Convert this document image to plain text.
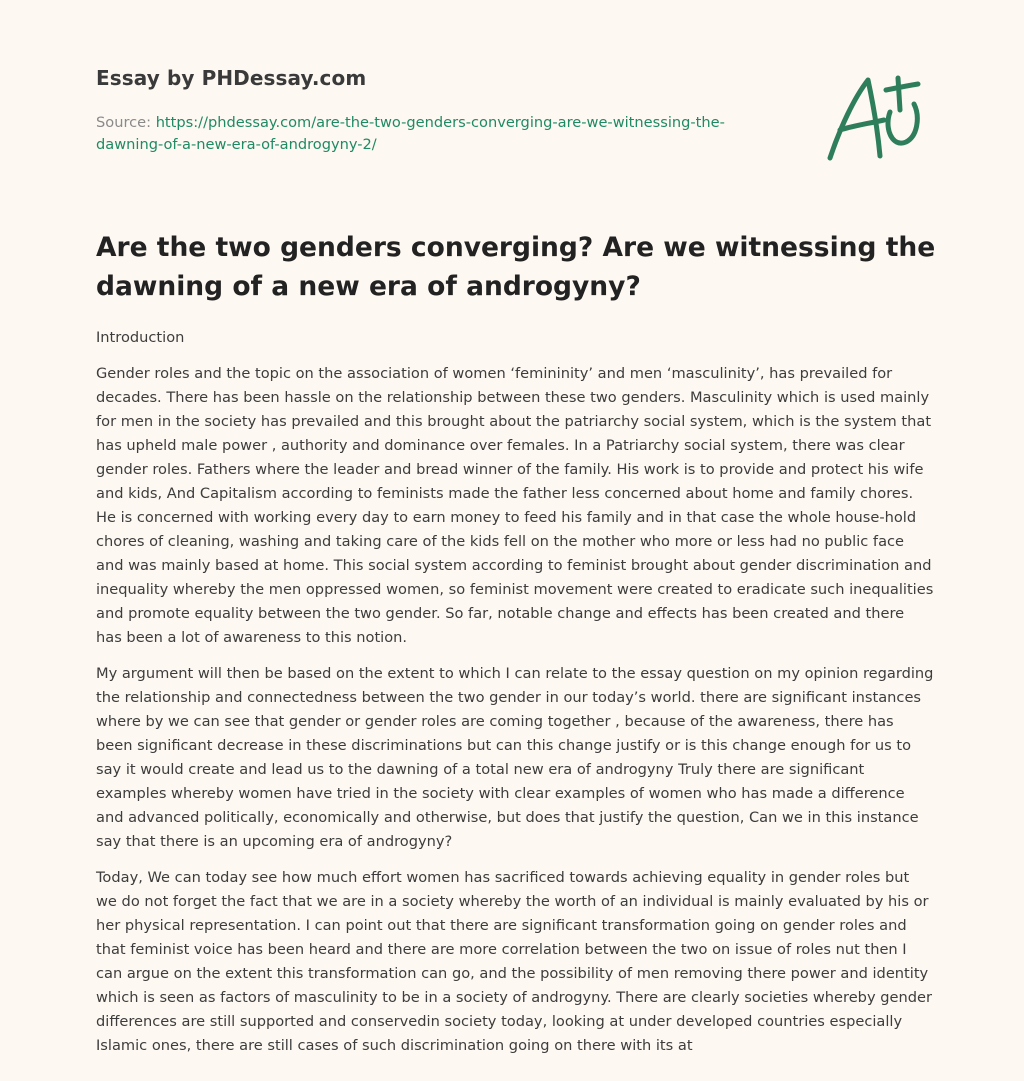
Essay by PHDessay.com
Source: https://phdessay.com/are-the-two-genders-converging-are-we-witnessing-the-dawning-of-a-new-era-of-androgyny-2/
Are the two genders converging? Are we witnessing the dawning of a new era of androgyny?

Introduction

Gender roles and the topic on the association of women ‘femininity’ and men ‘masculinity’, has prevailed for decades. There has been hassle on the relationship between these two genders. Masculinity which is used mainly for men in the society has prevailed and this brought about the patriarchy social system, which is the system that has upheld male power , authority and dominance over females. In a Patriarchy social system, there was clear gender roles. Fathers where the leader and bread winner of the family. His work is to provide and protect his wife and kids, And Capitalism according to feminists made the father less concerned about home and family chores. He is concerned with working every day to earn money to feed his family and in that case the whole house-hold chores of cleaning, washing and taking care of the kids fell on the mother who more or less had no public face and was mainly based at home. This social system according to feminist brought about gender discrimination and inequality whereby the men oppressed women, so feminist movement were created to eradicate such inequalities and promote equality between the two gender. So far, notable change and effects has been created and there has been a lot of awareness to this notion.

My argument will then be based on the extent to which I can relate to the essay question on my opinion regarding the relationship and connectedness between the two gender in our today’s world. there are significant instances where by we can see that gender or gender roles are coming together , because of the awareness, there has been significant decrease in these discriminations but can this change justify or is this change enough for us to say it would create and lead us to the dawning of a total new era of androgyny Truly there are significant examples whereby women have tried in the society with clear examples of women who has made a difference and advanced politically, economically and otherwise, but does that justify the question, Can we in this instance say that there is an upcoming era of androgyny?

Today, We can today see how much effort women has sacrificed towards achieving equality in gender roles but we do not forget the fact that we are in a society whereby the worth of an individual is mainly evaluated by his or her physical representation. I can point out that there are significant transformation going on gender roles and that feminist voice has been heard and there are more correlation between the two on issue of roles nut then I can argue on the extent this transformation can go, and the possibility of men removing there power and identity which is seen as factors of masculinity to be in a society of androgyny. There are clearly societies whereby gender differences are still supported and conservedin society today, looking at under developed countries especially Islamic ones, there are still cases of such discrimination going on there with its at
